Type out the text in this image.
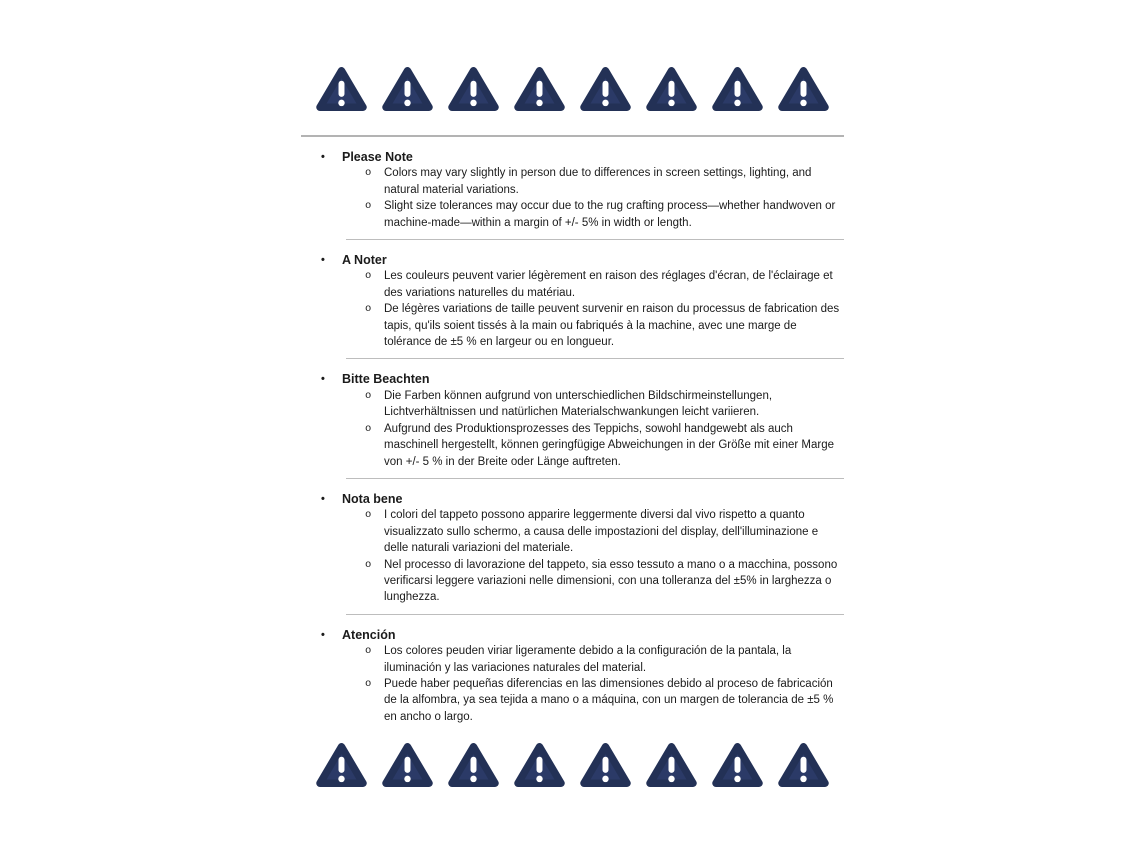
•	Please Note
o	Colors may vary slightly in person due to differences in screen settings, lighting, and natural material variations.
o	Slight size tolerances may occur due to the rug crafting process—whether handwoven or machine-made—within a margin of +/- 5% in width or length.
•	A Noter
o	Les couleurs peuvent varier légèrement en raison des réglages d'écran, de l'éclairage et des variations naturelles du matériau.
o	De légères variations de taille peuvent survenir en raison du processus de fabrication des tapis, qu'ils soient tissés à la main ou fabriqués à la machine, avec une marge de tolérance de ±5 % en largeur ou en longueur.
•	Bitte Beachten
o	Die Farben können aufgrund von unterschiedlichen Bildschirmeinstellungen, Lichtverhältnissen und natürlichen Materialschwankungen leicht variieren.
o	Aufgrund des Produktionsprozesses des Teppichs, sowohl handgewebt als auch maschinell hergestellt, können geringfügige Abweichungen in der Größe mit einer Marge von +/- 5 % in der Breite oder Länge auftreten.
•	Nota bene
o	I colori del tappeto possono apparire leggermente diversi dal vivo rispetto a quanto visualizzato sullo schermo, a causa delle impostazioni del display, dell'illuminazione e delle naturali variazioni del materiale.
o	Nel processo di lavorazione del tappeto, sia esso tessuto a mano o a macchina, possono verificarsi leggere variazioni nelle dimensioni, con una tolleranza del ±5% in larghezza o lunghezza.
•	Atención
o	Los colores peuden viriar ligeramente debido a la configuración de la pantala, la iluminación y las variaciones naturales del material.
o	Puede haber pequeñas diferencias en las dimensiones debido al proceso de fabricación de la alfombra, ya sea tejida a mano o a máquina, con un margen de tolerancia de ±5 % en ancho o largo.
